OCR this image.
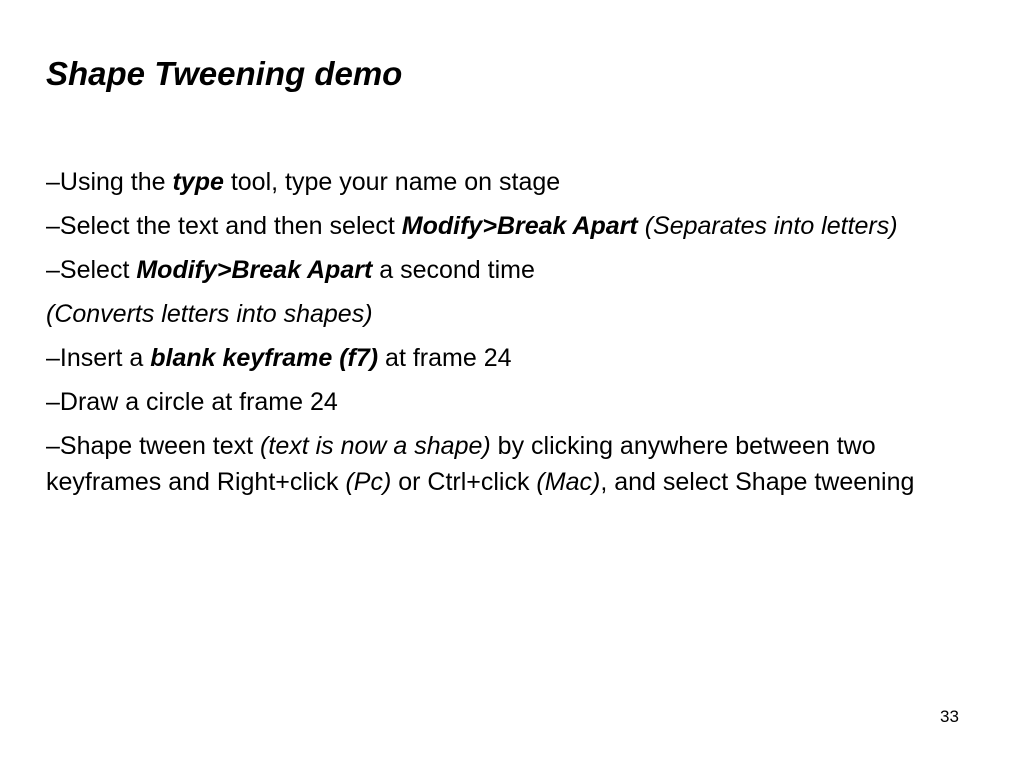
Shape Tweening demo

–Using the type tool, type your name on stage

–Select the text and then select Modify>Break Apart (Separates into letters)

–Select Modify>Break Apart a second time

(Converts letters into shapes)

–Insert a blank keyframe (f7) at frame 24

–Draw a circle at frame 24

–Shape tween text (text is now a shape) by clicking anywhere between two keyframes and Right+click (Pc) or Ctrl+click (Mac), and select Shape tweening

33
